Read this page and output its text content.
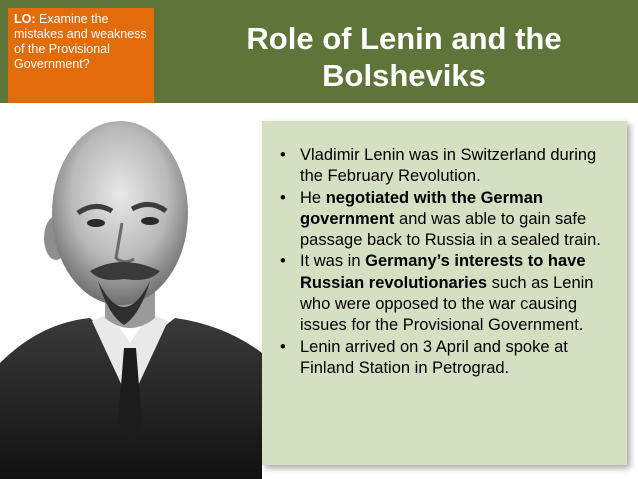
LO: Examine the mistakes and weakness of the Provisional Government?
Role of Lenin and the
Bolsheviks
• Vladimir Lenin was in Switzerland during the February Revolution.
• He negotiated with the German government and was able to gain safe passage back to Russia in a sealed train.
• It was in Germany’s interests to have Russian revolutionaries such as Lenin who were opposed to the war causing issues for the Provisional Government.
• Lenin arrived on 3 April and spoke at Finland Station in Petrograd.
